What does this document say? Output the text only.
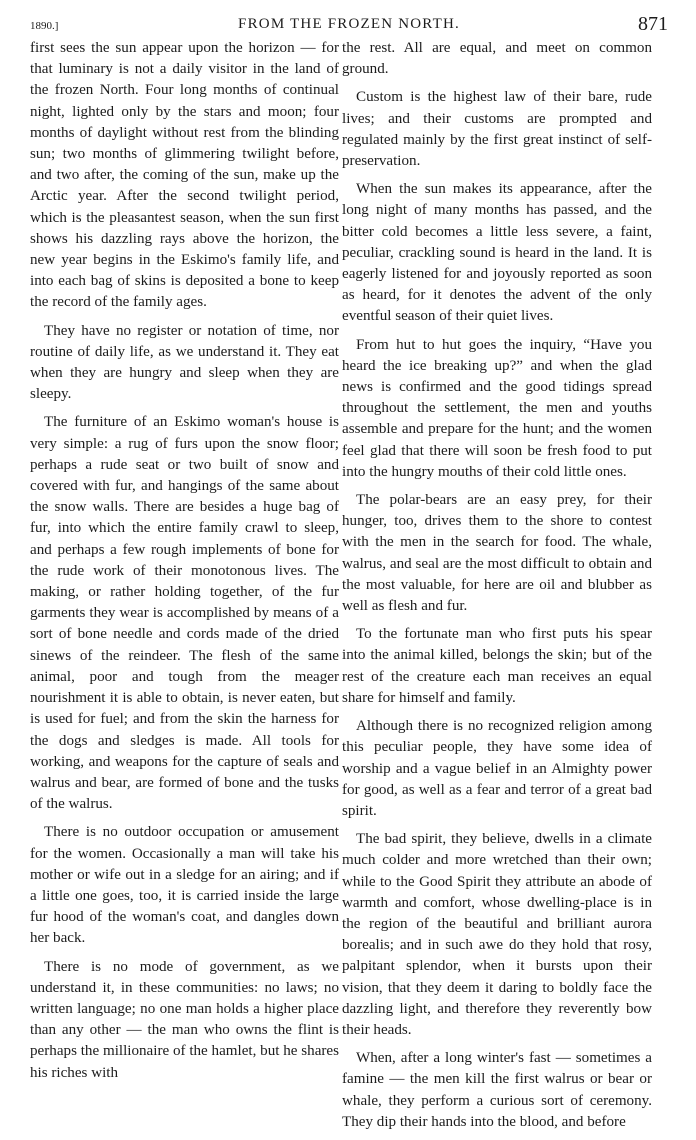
1890.]	FROM THE FROZEN NORTH.	871

first sees the sun appear upon the horizon — for that luminary is not a daily visitor in the land of the frozen North. Four long months of continual night, lighted only by the stars and moon; four months of daylight without rest from the blinding sun; two months of glimmering twilight before, and two after, the coming of the sun, make up the Arctic year. After the second twilight period, which is the pleasantest season, when the sun first shows his dazzling rays above the horizon, the new year begins in the Eskimo's family life, and into each bag of skins is deposited a bone to keep the record of the family ages.

They have no register or notation of time, nor routine of daily life, as we understand it. They eat when they are hungry and sleep when they are sleepy.

The furniture of an Eskimo woman's house is very simple: a rug of furs upon the snow floor; perhaps a rude seat or two built of snow and covered with fur, and hangings of the same about the snow walls. There are besides a huge bag of fur, into which the entire family crawl to sleep, and perhaps a few rough implements of bone for the rude work of their monotonous lives. The making, or rather holding together, of the fur garments they wear is accomplished by means of a sort of bone needle and cords made of the dried sinews of the reindeer. The flesh of the same animal, poor and tough from the meager nourishment it is able to obtain, is never eaten, but is used for fuel; and from the skin the harness for the dogs and sledges is made. All tools for working, and weapons for the capture of seals and walrus and bear, are formed of bone and the tusks of the walrus.

There is no outdoor occupation or amusement for the women. Occasionally a man will take his mother or wife out in a sledge for an airing; and if a little one goes, too, it is carried inside the large fur hood of the woman's coat, and dangles down her back.

There is no mode of government, as we understand it, in these communities: no laws; no written language; no one man holds a higher place than any other — the man who owns the flint is perhaps the millionaire of the hamlet, but he shares his riches with

the rest. All are equal, and meet on common ground.

Custom is the highest law of their bare, rude lives; and their customs are prompted and regulated mainly by the first great instinct of self-preservation.

When the sun makes its appearance, after the long night of many months has passed, and the bitter cold becomes a little less severe, a faint, peculiar, crackling sound is heard in the land. It is eagerly listened for and joyously reported as soon as heard, for it denotes the advent of the only eventful season of their quiet lives.

From hut to hut goes the inquiry, “Have you heard the ice breaking up?” and when the glad news is confirmed and the good tidings spread throughout the settlement, the men and youths assemble and prepare for the hunt; and the women feel glad that there will soon be fresh food to put into the hungry mouths of their cold little ones.

The polar-bears are an easy prey, for their hunger, too, drives them to the shore to contest with the men in the search for food. The whale, walrus, and seal are the most difficult to obtain and the most valuable, for here are oil and blubber as well as flesh and fur.

To the fortunate man who first puts his spear into the animal killed, belongs the skin; but of the rest of the creature each man receives an equal share for himself and family.

Although there is no recognized religion among this peculiar people, they have some idea of worship and a vague belief in an Almighty power for good, as well as a fear and terror of a great bad spirit.

The bad spirit, they believe, dwells in a climate much colder and more wretched than their own; while to the Good Spirit they attribute an abode of warmth and comfort, whose dwelling-place is in the region of the beautiful and brilliant aurora borealis; and in such awe do they hold that rosy, palpitant splendor, when it bursts upon their vision, that they deem it daring to boldly face the dazzling light, and therefore they reverently bow their heads.

When, after a long winter's fast — sometimes a famine — the men kill the first walrus or bear or whale, they perform a curious sort of ceremony. They dip their hands into the blood, and before
